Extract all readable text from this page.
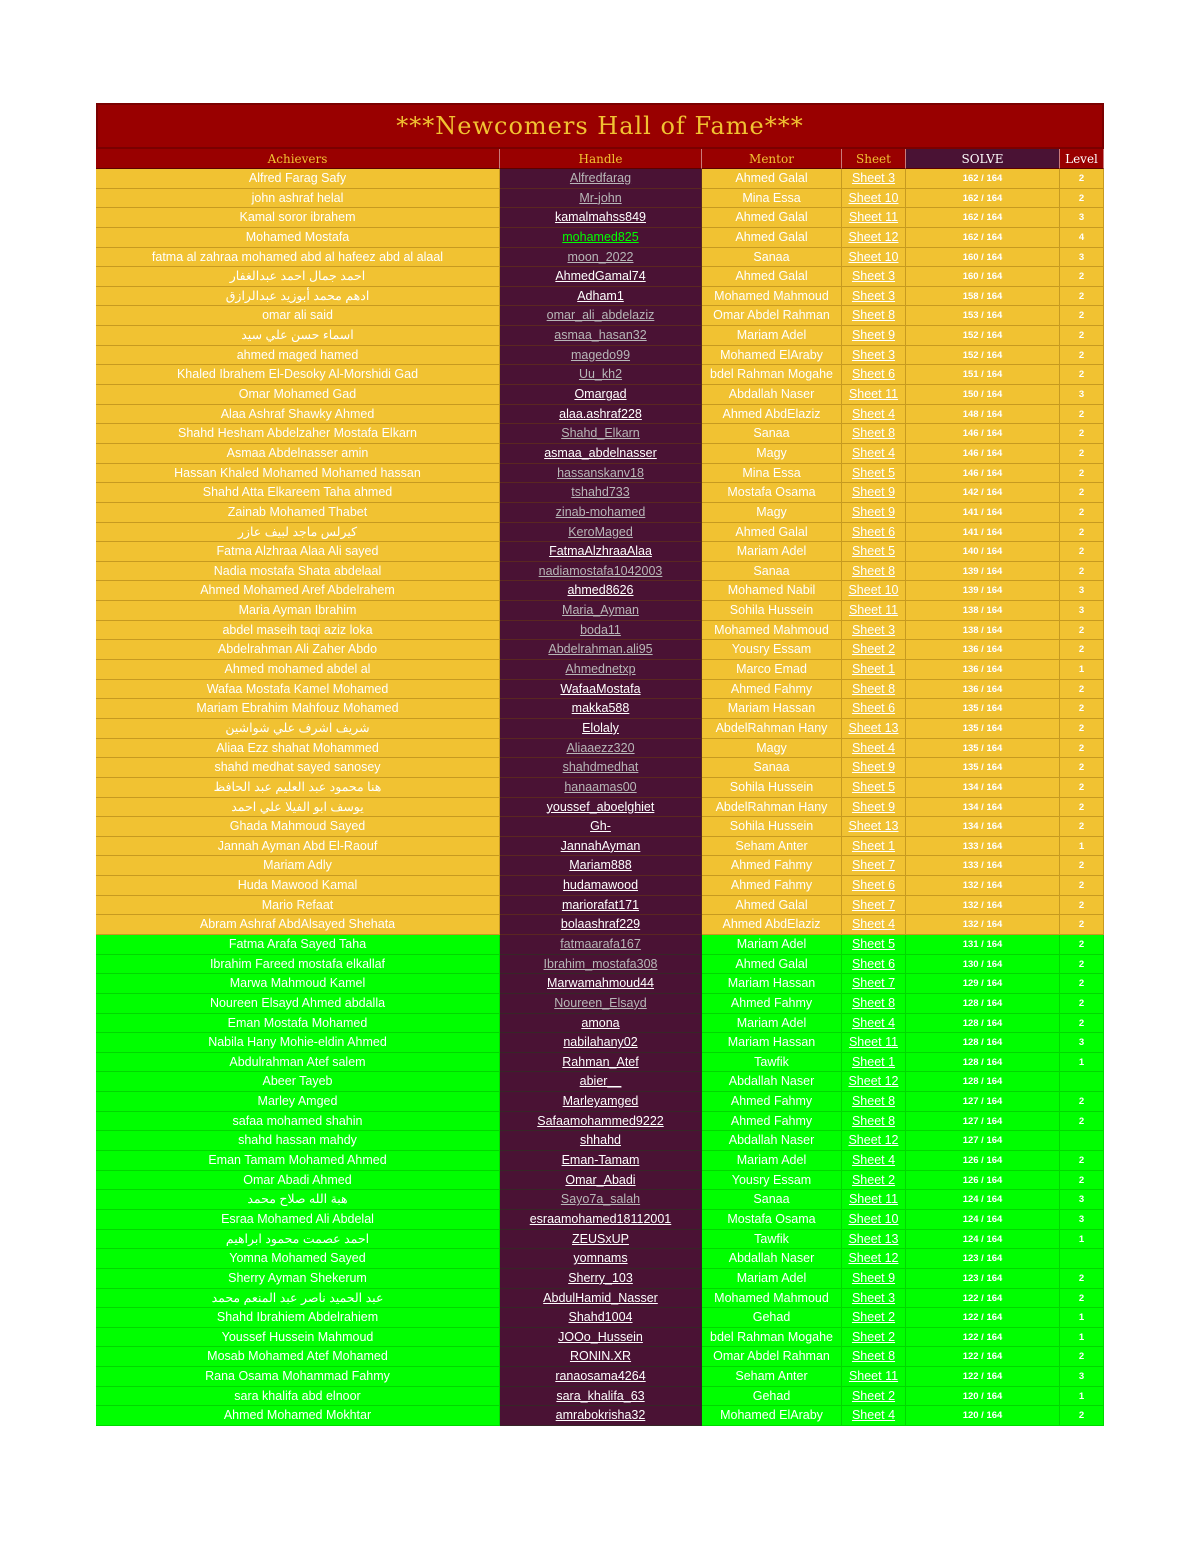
***Newcomers Hall of Fame***
Achievers	Handle	Mentor	Sheet	SOLVE	Level
Alfred Farag Safy	Alfredfarag	Ahmed Galal	Sheet 3	162 / 164	2
john ashraf helal	Mr-john	Mina Essa	Sheet 10	162 / 164	2
Kamal soror ibrahem	kamalmahss849	Ahmed Galal	Sheet 11	162 / 164	3
Mohamed Mostafa	mohamed825	Ahmed Galal	Sheet 12	162 / 164	4
fatma al zahraa mohamed abd al hafeez abd al alaal	moon_2022	Sanaa	Sheet 10	160 / 164	3
احمد جمال احمد عبدالغفار	AhmedGamal74	Ahmed Galal	Sheet 3	160 / 164	2
ادهم محمد أبوزيد عبدالرازق	Adham1	Mohamed Mahmoud	Sheet 3	158 / 164	2
omar ali said	omar_ali_abdelaziz	Omar Abdel Rahman	Sheet 8	153 / 164	2
اسماء حسن علي سيد	asmaa_hasan32	Mariam Adel	Sheet 9	152 / 164	2
ahmed maged hamed	magedo99	Mohamed ElAraby	Sheet 3	152 / 164	2
Khaled Ibrahem El-Desoky Al-Morshidi Gad	Uu_kh2	bdel Rahman Mogahe	Sheet 6	151 / 164	2
Omar Mohamed Gad	Omargad	Abdallah Naser	Sheet 11	150 / 164	3
Alaa Ashraf Shawky Ahmed	alaa.ashraf228	Ahmed AbdElaziz	Sheet 4	148 / 164	2
Shahd Hesham Abdelzaher Mostafa Elkarn	Shahd_Elkarn	Sanaa	Sheet 8	146 / 164	2
Asmaa Abdelnasser amin	asmaa_abdelnasser	Magy	Sheet 4	146 / 164	2
Hassan Khaled Mohamed Mohamed hassan	hassanskanv18	Mina Essa	Sheet 5	146 / 164	2
Shahd Atta Elkareem Taha ahmed	tshahd733	Mostafa Osama	Sheet 9	142 / 164	2
Zainab Mohamed Thabet	zinab-mohamed	Magy	Sheet 9	141 / 164	2
كيرلس ماجد لبيف عازر	KeroMaged	Ahmed Galal	Sheet 6	141 / 164	2
Fatma Alzhraa Alaa Ali sayed	FatmaAlzhraaAlaa	Mariam Adel	Sheet 5	140 / 164	2
Nadia mostafa Shata abdelaal	nadiamostafa1042003	Sanaa	Sheet 8	139 / 164	2
Ahmed Mohamed Aref Abdelrahem	ahmed8626	Mohamed Nabil	Sheet 10	139 / 164	3
Maria Ayman Ibrahim	Maria_Ayman	Sohila Hussein	Sheet 11	138 / 164	3
abdel maseih taqi aziz loka	boda11	Mohamed Mahmoud	Sheet 3	138 / 164	2
Abdelrahman Ali Zaher Abdo	Abdelrahman.ali95	Yousry Essam	Sheet 2	136 / 164	2
Ahmed mohamed abdel al	Ahmednetxp	Marco Emad	Sheet 1	136 / 164	1
Wafaa Mostafa Kamel Mohamed	WafaaMostafa	Ahmed Fahmy	Sheet 8	136 / 164	2
Mariam Ebrahim Mahfouz Mohamed	makka588	Mariam Hassan	Sheet 6	135 / 164	2
شريف اشرف علي شواشين	Elolaly	AbdelRahman Hany	Sheet 13	135 / 164	2
Aliaa Ezz shahat Mohammed	Aliaaezz320	Magy	Sheet 4	135 / 164	2
shahd medhat sayed sanosey	shahdmedhat	Sanaa	Sheet 9	135 / 164	2
هنا محمود عبد العليم عبد الحافظ	hanaamas00	Sohila Hussein	Sheet 5	134 / 164	2
يوسف ابو الفيلا علي احمد	youssef_aboelghiet	AbdelRahman Hany	Sheet 9	134 / 164	2
Ghada Mahmoud Sayed	Gh-	Sohila Hussein	Sheet 13	134 / 164	2
Jannah Ayman Abd El-Raouf	JannahAyman	Seham Anter	Sheet 1	133 / 164	1
Mariam Adly	Mariam888	Ahmed Fahmy	Sheet 7	133 / 164	2
Huda Mawood Kamal	hudamawood	Ahmed Fahmy	Sheet 6	132 / 164	2
Mario Refaat	mariorafat171	Ahmed Galal	Sheet 7	132 / 164	2
Abram Ashraf AbdAlsayed Shehata	bolaashraf229	Ahmed AbdElaziz	Sheet 4	132 / 164	2
Fatma Arafa Sayed Taha	fatmaarafa167	Mariam Adel	Sheet 5	131 / 164	2
Ibrahim Fareed mostafa elkallaf	Ibrahim_mostafa308	Ahmed Galal	Sheet 6	130 / 164	2
Marwa Mahmoud Kamel	Marwamahmoud44	Mariam Hassan	Sheet 7	129 / 164	2
Noureen Elsayd Ahmed abdalla	Noureen_Elsayd	Ahmed Fahmy	Sheet 8	128 / 164	2
Eman Mostafa Mohamed	amona	Mariam Adel	Sheet 4	128 / 164	2
Nabila Hany Mohie-eldin Ahmed	nabilahany02	Mariam Hassan	Sheet 11	128 / 164	3
Abdulrahman Atef salem	Rahman_Atef	Tawfik	Sheet 1	128 / 164	1
Abeer Tayeb	abier__	Abdallah Naser	Sheet 12	128 / 164
Marley Amged	Marleyamged	Ahmed Fahmy	Sheet 8	127 / 164	2
safaa mohamed shahin	Safaamohammed9222	Ahmed Fahmy	Sheet 8	127 / 164	2
shahd hassan mahdy	shhahd	Abdallah Naser	Sheet 12	127 / 164
Eman Tamam Mohamed Ahmed	Eman-Tamam	Mariam Adel	Sheet 4	126 / 164	2
Omar Abadi Ahmed	Omar_Abadi	Yousry Essam	Sheet 2	126 / 164	2
هبة الله صلاح محمد	Sayo7a_salah	Sanaa	Sheet 11	124 / 164	3
Esraa Mohamed Ali Abdelal	esraamohamed18112001	Mostafa Osama	Sheet 10	124 / 164	3
احمد عصمت محمود ابراهيم	ZEUSxUP	Tawfik	Sheet 13	124 / 164	1
Yomna Mohamed Sayed	yomnams	Abdallah Naser	Sheet 12	123 / 164
Sherry Ayman Shekerum	Sherry_103	Mariam Adel	Sheet 9	123 / 164	2
عبد الحميد ناصر عبد المنعم محمد	AbdulHamid_Nasser	Mohamed Mahmoud	Sheet 3	122 / 164	2
Shahd Ibrahiem Abdelrahiem	Shahd1004	Gehad	Sheet 2	122 / 164	1
Youssef Hussein Mahmoud	JOOo_Hussein	bdel Rahman Mogahe	Sheet 2	122 / 164	1
Mosab Mohamed Atef Mohamed	RONIN.XR	Omar Abdel Rahman	Sheet 8	122 / 164	2
Rana Osama Mohammad Fahmy	ranaosama4264	Seham Anter	Sheet 11	122 / 164	3
sara khalifa abd elnoor	sara_khalifa_63	Gehad	Sheet 2	120 / 164	1
Ahmed Mohamed Mokhtar	amrabokrisha32	Mohamed ElAraby	Sheet 4	120 / 164	2
